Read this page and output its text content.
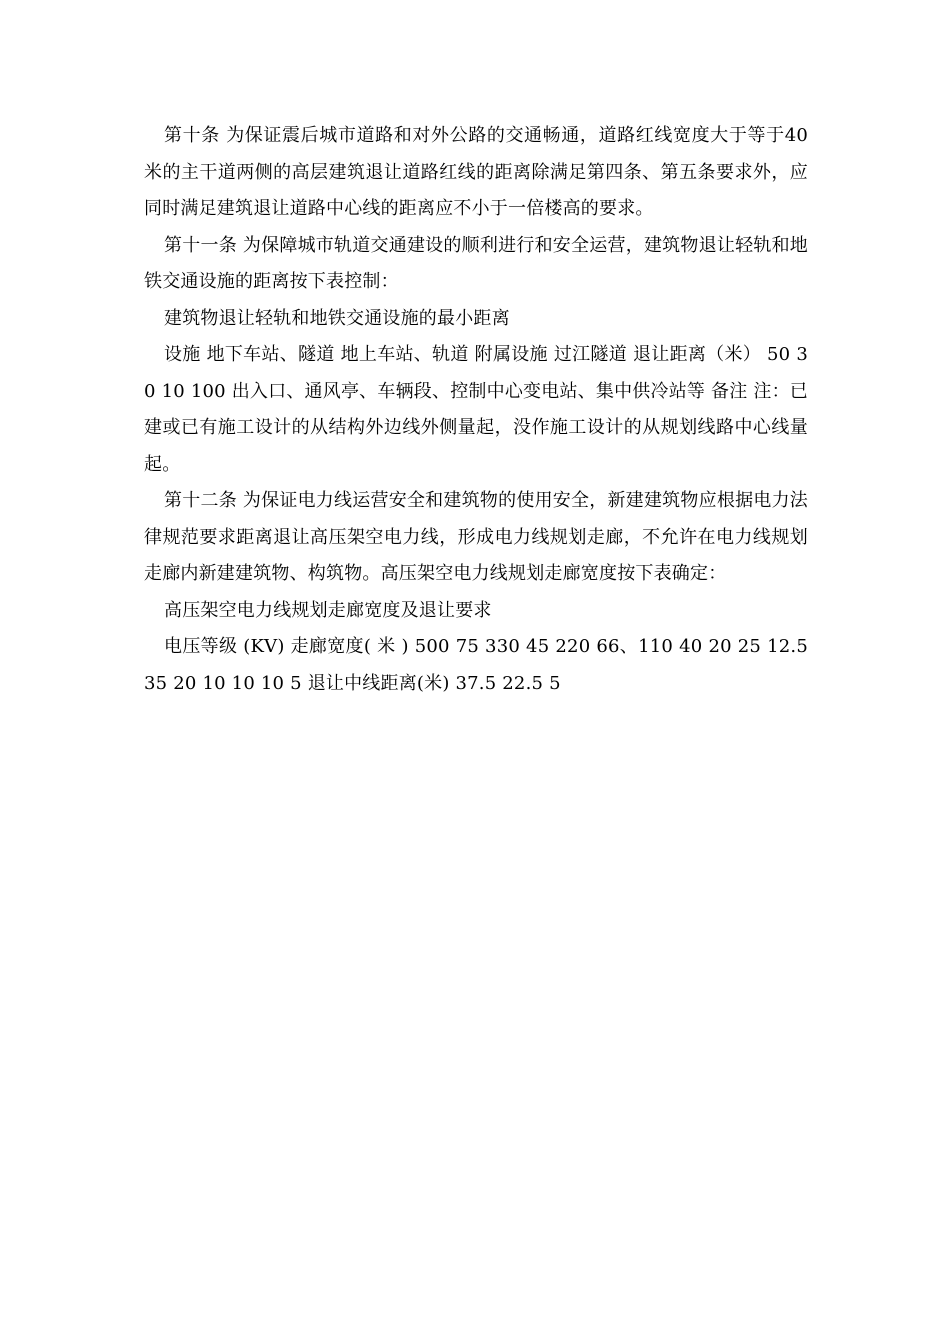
第十条 为保证震后城市道路和对外公路的交通畅通，道路红线宽度大于等于40米的主干道两侧的高层建筑退让道路红线的距离除满足第四条、第五条要求外，应同时满足建筑退让道路中心线的距离应不小于一倍楼高的要求。

第十一条 为保障城市轨道交通建设的顺利进行和安全运营，建筑物退让轻轨和地铁交通设施的距离按下表控制：

建筑物退让轻轨和地铁交通设施的最小距离

设施 地下车站、隧道 地上车站、轨道 附属设施 过江隧道 退让距离（米） 50 30 10 100 出入口、通风亭、车辆段、控制中心变电站、集中供冷站等 备注 注：已建或已有施工设计的从结构外边线外侧量起，没作施工设计的从规划线路中心线量起。

第十二条 为保证电力线运营安全和建筑物的使用安全，新建建筑物应根据电力法律规范要求距离退让高压架空电力线，形成电力线规划走廊，不允许在电力线规划走廊内新建建筑物、构筑物。高压架空电力线规划走廊宽度按下表确定：

高压架空电力线规划走廊宽度及退让要求

电压等级 (KV) 走廊宽度( 米 ) 500 75 330 45 220 66、110 40 20 25 12.5 35 20 10 10 10 5 退让中线距离(米) 37.5 22.5 5
